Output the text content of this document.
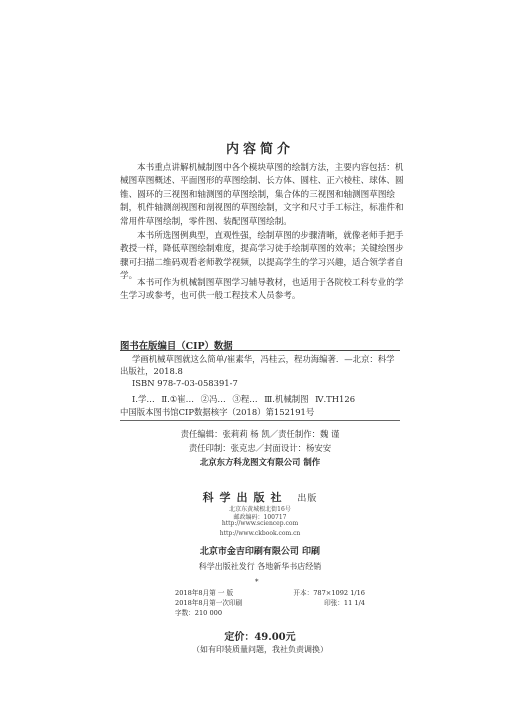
内容简介

本书重点讲解机械制图中各个模块草图的绘制方法，主要内容包括：机械图草图概述、平面图形的草图绘制、长方体、圆柱、正六棱柱、球体、圆锥、圆环的三视图和轴测图的草图绘制，集合体的三视图和轴测图草图绘制，机件轴测剖视图和剖视图的草图绘制，文字和尺寸手工标注，标准件和常用件草图绘制，零件图、装配图草图绘制。

本书所选图例典型，直观性强，绘制草图的步骤清晰，就像老师手把手教授一样，降低草图绘制难度，提高学习徒手绘制草图的效率；关键绘图步骤可扫描二维码观看老师教学视频，以提高学生的学习兴趣，适合领学者自学。

本书可作为机械制图草图学习辅导教材，也适用于各院校工科专业的学生学习或参考，也可供一般工程技术人员参考。

图书在版编目（CIP）数据
学画机械草图就这么简单/崔素华，冯桂云，程功海编著．—北京：科学
出版社，2018.8
ISBN 978-7-03-058391-7
Ⅰ.学… Ⅱ.①崔… ②冯… ③程… Ⅲ.机械制图 Ⅳ.TH126
中国版本图书馆CIP数据核字（2018）第152191号
责任编辑：张莉莉 杨 凯／责任制作：魏 谨
责任印制：张克忠／封面设计：杨安安
北京东方科龙图文有限公司 制作
科学出版社 出版
北京东黄城根北街16号
邮政编码：100717
http://www.sciencep.com
http://www.ckbook.com.cn
北京市金吉印刷有限公司 印刷
科学出版社发行 各地新华书店经销
*
2018年8月第 一 版	开本：787×1092 1/16
2018年8月第一次印刷	印张：11 1/4
字数：210 000
定价：49.00元
（如有印装质量问题，我社负责调换）
